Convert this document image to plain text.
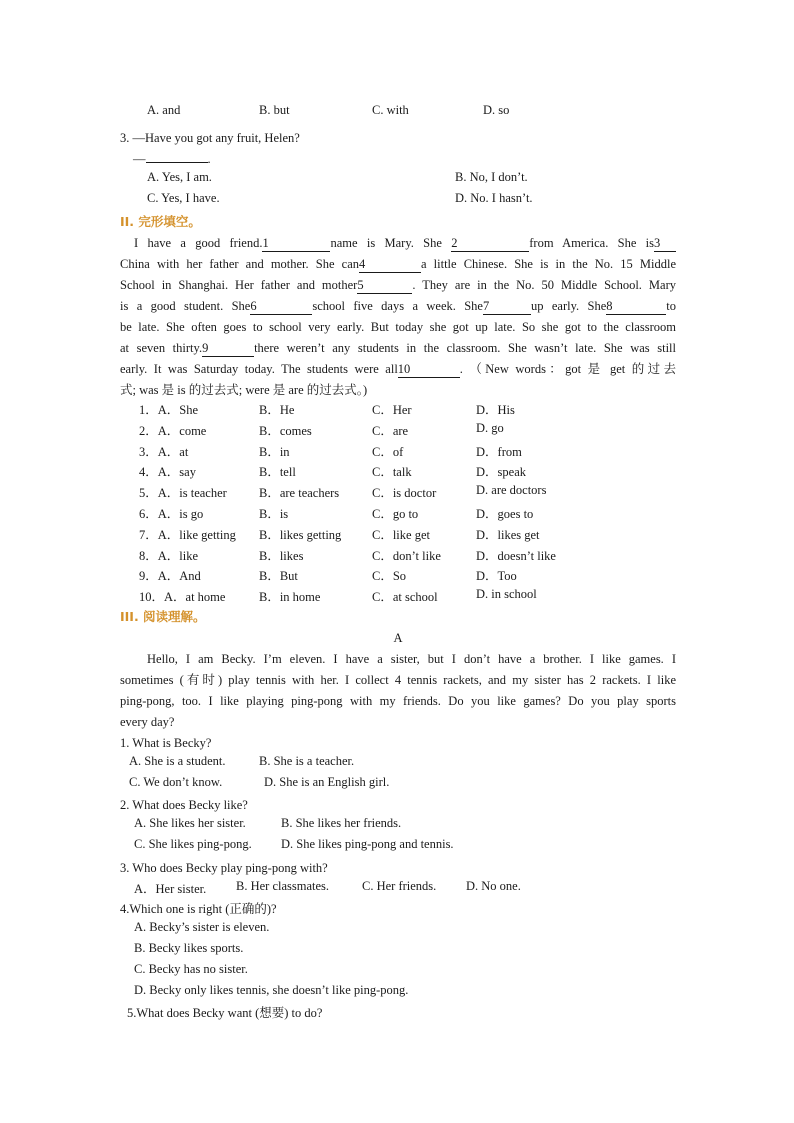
A. and	B. but	C. with	D. so
3. —Have you got any fruit, Helen?
—	.
A. Yes, I am.	B. No, I don’t.
C. Yes, I have.	D. No. I hasn’t.
II. 完形填空。
I have a good friend.1	name is Mary. She 2	from America. She is3
China with her father and mother. She can4	a little Chinese. She is in the No. 15 Middle
School in Shanghai. Her father and mother5	. They are in the No. 50 Middle School. Mary
is a good student. She6	school five days a week. She7	up early. She8	to
be late. She often goes to school very early. But today she got up late. So she got to the classroom
at seven thirty.9	there weren’t any students in the classroom. She wasn’t late. She was still
early. It was Saturday today. The students were all10	. （New words：got 是 get 的过去
式; was 是 is 的过去式; were 是 are 的过去式。)
1．A．She	B．He	C．Her	D．His
2．A．come	B．comes	C．are	D. go
3．A．at	B．in	C．of	D．from
4．A．say	B．tell	C．talk	D．speak
5．A．is teacher	B．are teachers	C．is doctor	D. are doctors
6．A．is go	B．is	C．go to	D．goes to
7．A．like getting B．likes getting C．like get	D．likes get
8．A．like	B．likes	C．don’t like	D．doesn’t like
9．A．And	B．But	C．So	D．Too
10．A．at home	B．in home	C．at school	D. in school
III. 阅读理解。
A
Hello, I am Becky. I’m eleven. I have a sister, but I don’t have a brother. I like games. I
sometimes (有时) play tennis with her. I collect 4 tennis rackets, and my sister has 2 rackets. I like
ping-pong, too. I like playing ping-pong with my friends. Do you like games? Do you play sports
every day?
1. What is Becky?
A. She is a student.	B. She is a teacher.
C. We don’t know.	D. She is an English girl.
2. What does Becky like?
A. She likes her sister.	B. She likes her friends.
C. She likes ping-pong. D. She likes ping-pong and tennis.
3. Who does Becky play ping-pong with?
A．Her sister. B. Her classmates.	C. Her friends. D. No one.
4.Which one is right (正确的)?
A. Becky’s sister is eleven.
B. Becky likes sports.
C. Becky has no sister.
D. Becky only likes tennis, she doesn’t like ping-pong.
5.What does Becky want (想要) to do?
